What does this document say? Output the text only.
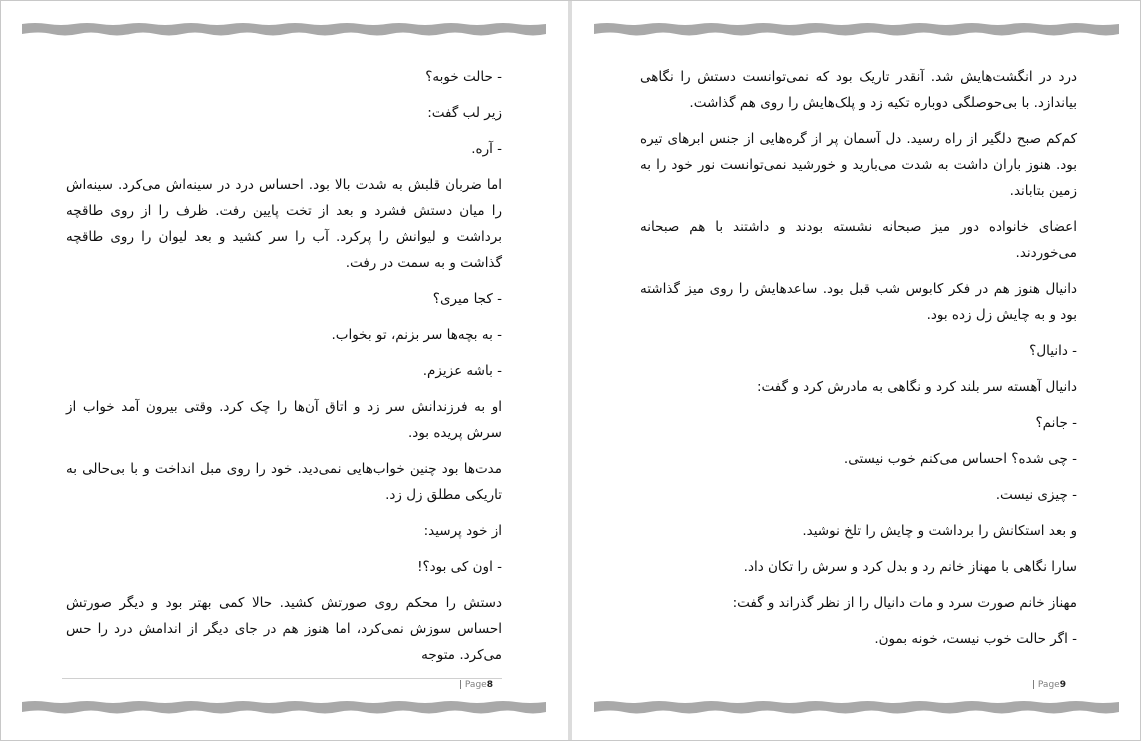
- حالت خوبه؟

زیر لب گفت:

- آره.

اما ضربان قلبش به شدت بالا بود. احساس درد در سینه‌اش می‌کرد. سینه‌اش را میان دستش فشرد و بعد از تخت پایین رفت. ظرف را از روی طاقچه برداشت و لیوانش را پرکرد. آب را سر کشید و بعد لیوان را روی طاقچه گذاشت و به سمت در رفت.

- کجا میری؟

- به بچه‌ها سر بزنم، تو بخواب.

- باشه عزیزم.

او به فرزندانش سر زد و اتاق آن‌ها را چک کرد. وقتی بیرون آمد خواب از سرش پریده بود.

مدت‌ها بود چنین خواب‌هایی نمی‌دید. خود را روی مبل انداخت و با بی‌حالی به تاریکی مطلق زل زد.

از خود پرسید:

- اون کی بود؟!

دستش را محکم روی صورتش کشید. حالا کمی بهتر بود و دیگر صورتش احساس سوزش نمی‌کرد، اما هنوز هم در جای دیگر از اندامش درد را حس می‌کرد. متوجه

| Page8	| Page9

درد در انگشت‌هایش شد. آنقدر تاریک بود که نمی‌توانست دستش را نگاهی بیاندازد. با بی‌حوصلگی دوباره تکیه زد و پلک‌هایش را روی هم گذاشت.

کم‌کم صبح دلگیر از راه رسید. دل آسمان پر از گره‌هایی از جنس ابرهای تیره بود. هنوز باران داشت به شدت می‌بارید و خورشید نمی‌توانست نور خود را به زمین بتاباند.

اعضای خانواده دور میز صبحانه نشسته بودند و داشتند با هم صبحانه می‌خوردند.

دانیال هنوز هم در فکر کابوس شب قبل بود. ساعدهایش را روی میز گذاشته بود و به چایش زل زده بود.

- دانیال؟

دانیال آهسته سر بلند کرد و نگاهی به مادرش کرد و گفت:

- جانم؟

- چی شده؟ احساس می‌کنم خوب نیستی.

- چیزی نیست.

و بعد استکانش را برداشت و چایش را تلخ نوشید.

سارا نگاهی با مهناز خانم رد و بدل کرد و سرش را تکان داد.

مهناز خانم صورت سرد و مات دانیال را از نظر گذراند و گفت:

- اگر حالت خوب نیست، خونه بمون.
